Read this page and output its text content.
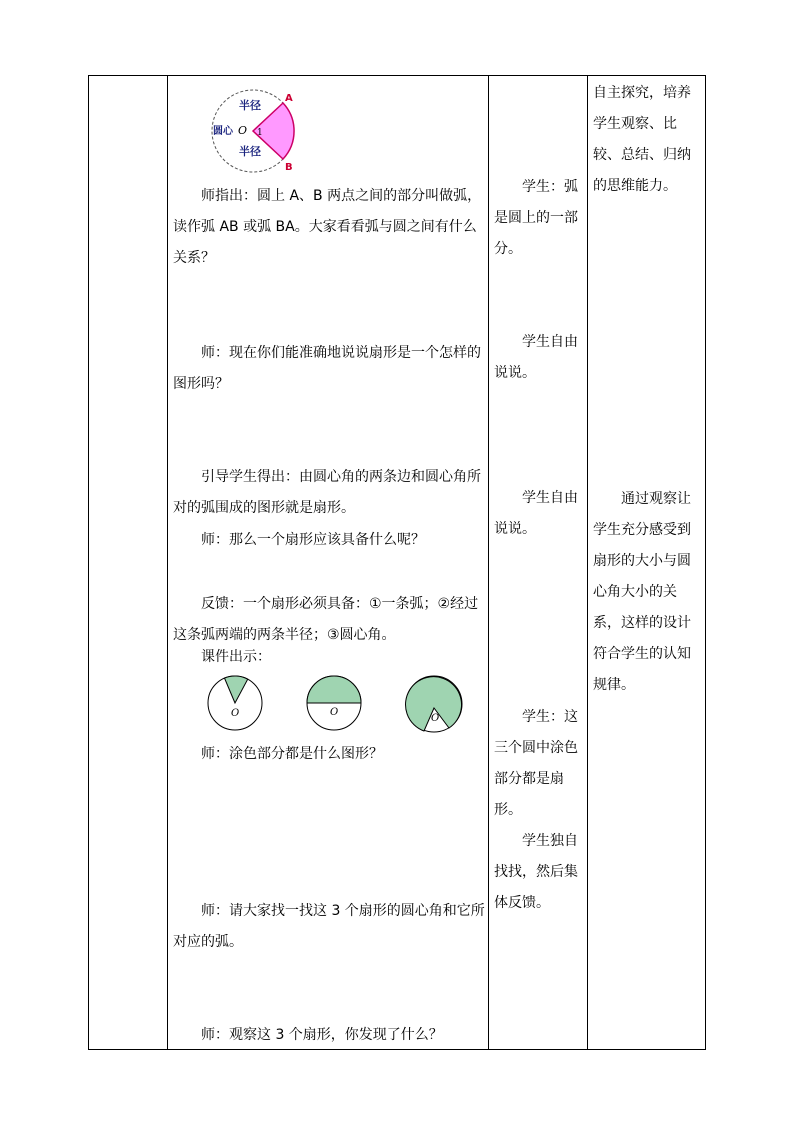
半径
半径
圆心 O 1
A
B

师指出：圆上 A、B 两点之间的部分叫做弧，读作弧 AB 或弧 BA。大家看看弧与圆之间有什么关系？

师：现在你们能准确地说说扇形是一个怎样的图形吗？

引导学生得出：由圆心角的两条边和圆心角所对的弧围成的图形就是扇形。

师：那么一个扇形应该具备什么呢？

反馈：一个扇形必须具备：①一条弧；②经过这条弧两端的两条半径；③圆心角。

课件出示：

O	O
O

师：涂色部分都是什么图形？

师：请大家找一找这 3 个扇形的圆心角和它所对应的弧。

师：观察这 3 个扇形，你发现了什么？

学生：弧是圆上的一部分。

学生自由说说。

学生自由说说。

学生：这三个圆中涂色部分都是扇形。

学生独自找找，然后集体反馈。

自主探究，培养学生观察、比较、总结、归纳的思维能力。

通过观察让学生充分感受到扇形的大小与圆心角大小的关系，这样的设计符合学生的认知规律。
